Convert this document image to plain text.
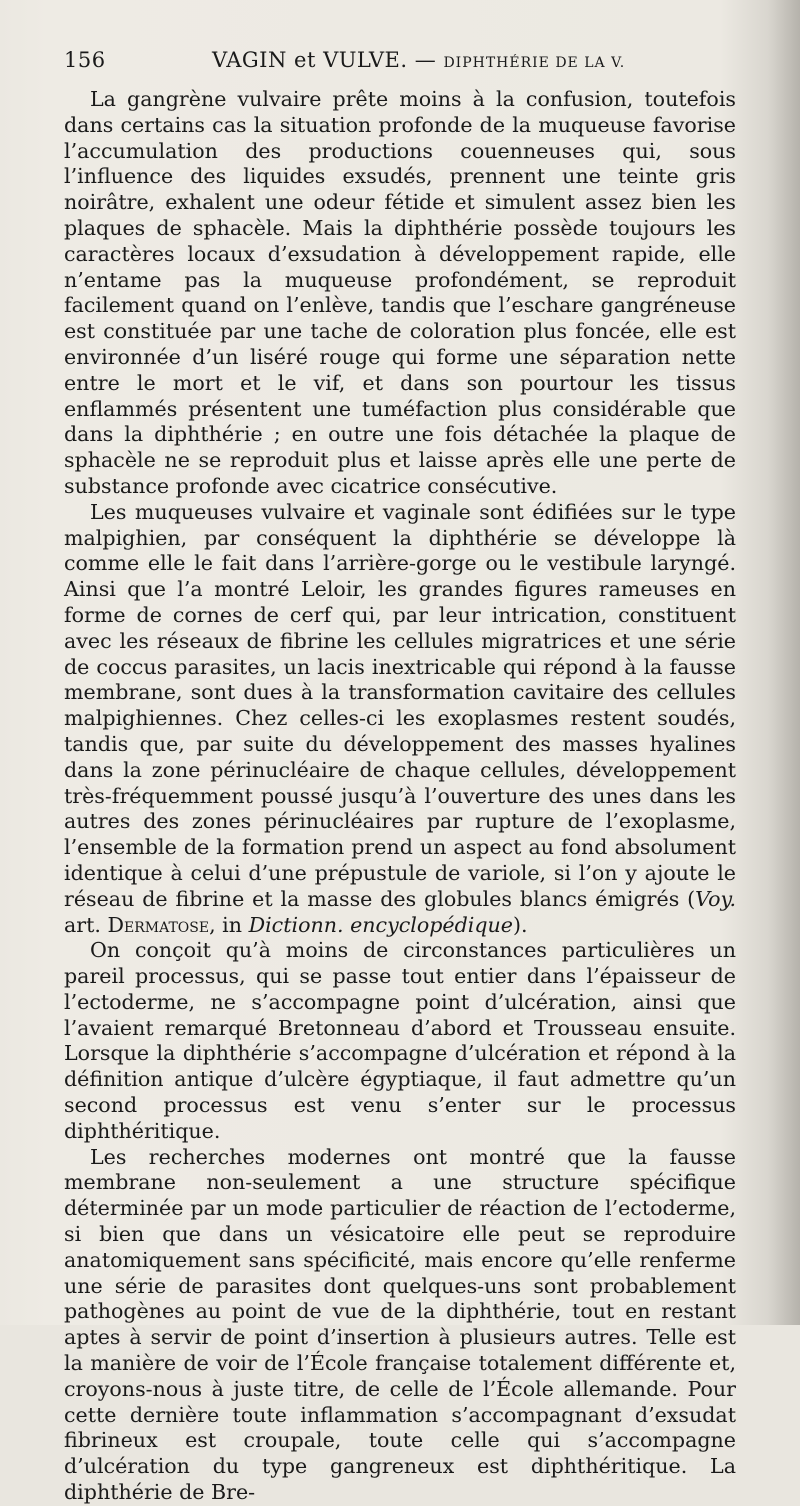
156	VAGIN et VULVE. — DIPHTHÉRIE DE LA V.

La gangrène vulvaire prête moins à la confusion, toutefois dans certains cas la situation profonde de la muqueuse favorise l’accumulation des productions couenneuses qui, sous l’influence des liquides exsudés, prennent une teinte gris noirâtre, exhalent une odeur fétide et simulent assez bien les plaques de sphacèle. Mais la diphthérie possède toujours les caractères locaux d’exsudation à développement rapide, elle n’entame pas la muqueuse profondément, se reproduit facilement quand on l’enlève, tandis que l’eschare gangréneuse est constituée par une tache de coloration plus foncée, elle est environnée d’un liséré rouge qui forme une séparation nette entre le mort et le vif, et dans son pourtour les tissus enflammés présentent une tuméfaction plus considérable que dans la diphthérie ; en outre une fois détachée la plaque de sphacèle ne se reproduit plus et laisse après elle une perte de substance profonde avec cicatrice consécutive.

Les muqueuses vulvaire et vaginale sont édifiées sur le type malpighien, par conséquent la diphthérie se développe là comme elle le fait dans l’arrière-gorge ou le vestibule laryngé. Ainsi que l’a montré Leloir, les grandes figures rameuses en forme de cornes de cerf qui, par leur intrication, constituent avec les réseaux de fibrine les cellules migratrices et une série de coccus parasites, un lacis inextricable qui répond à la fausse membrane, sont dues à la transformation cavitaire des cellules malpighiennes. Chez celles-ci les exoplasmes restent soudés, tandis que, par suite du développement des masses hyalines dans la zone périnucléaire de chaque cellules, développement très-fréquemment poussé jusqu’à l’ouverture des unes dans les autres des zones périnucléaires par rupture de l’exoplasme, l’ensemble de la formation prend un aspect au fond absolument identique à celui d’une prépustule de variole, si l’on y ajoute le réseau de fibrine et la masse des globules blancs émigrés (Voy. art. Dermatose, in Dictionn. encyclopédique).

On conçoit qu’à moins de circonstances particulières un pareil processus, qui se passe tout entier dans l’épaisseur de l’ectoderme, ne s’accompagne point d’ulcération, ainsi que l’avaient remarqué Bretonneau d’abord et Trousseau ensuite. Lorsque la diphthérie s’accompagne d’ulcération et répond à la définition antique d’ulcère égyptiaque, il faut admettre qu’un second processus est venu s’enter sur le processus diphthéritique.

Les recherches modernes ont montré que la fausse membrane non-seulement a une structure spécifique déterminée par un mode particulier de réaction de l’ectoderme, si bien que dans un vésicatoire elle peut se reproduire anatomiquement sans spécificité, mais encore qu’elle renferme une série de parasites dont quelques-uns sont probablement pathogènes au point de vue de la diphthérie, tout en restant aptes à servir de point d’insertion à plusieurs autres. Telle est la manière de voir de l’École française totalement différente et, croyons-nous à juste titre, de celle de l’École allemande. Pour cette dernière toute inflammation s’accompagnant d’exsudat fibrineux est croupale, toute celle qui s’accompagne d’ulcération du type gangreneux est diphthéritique. La diphthérie de Bre-
